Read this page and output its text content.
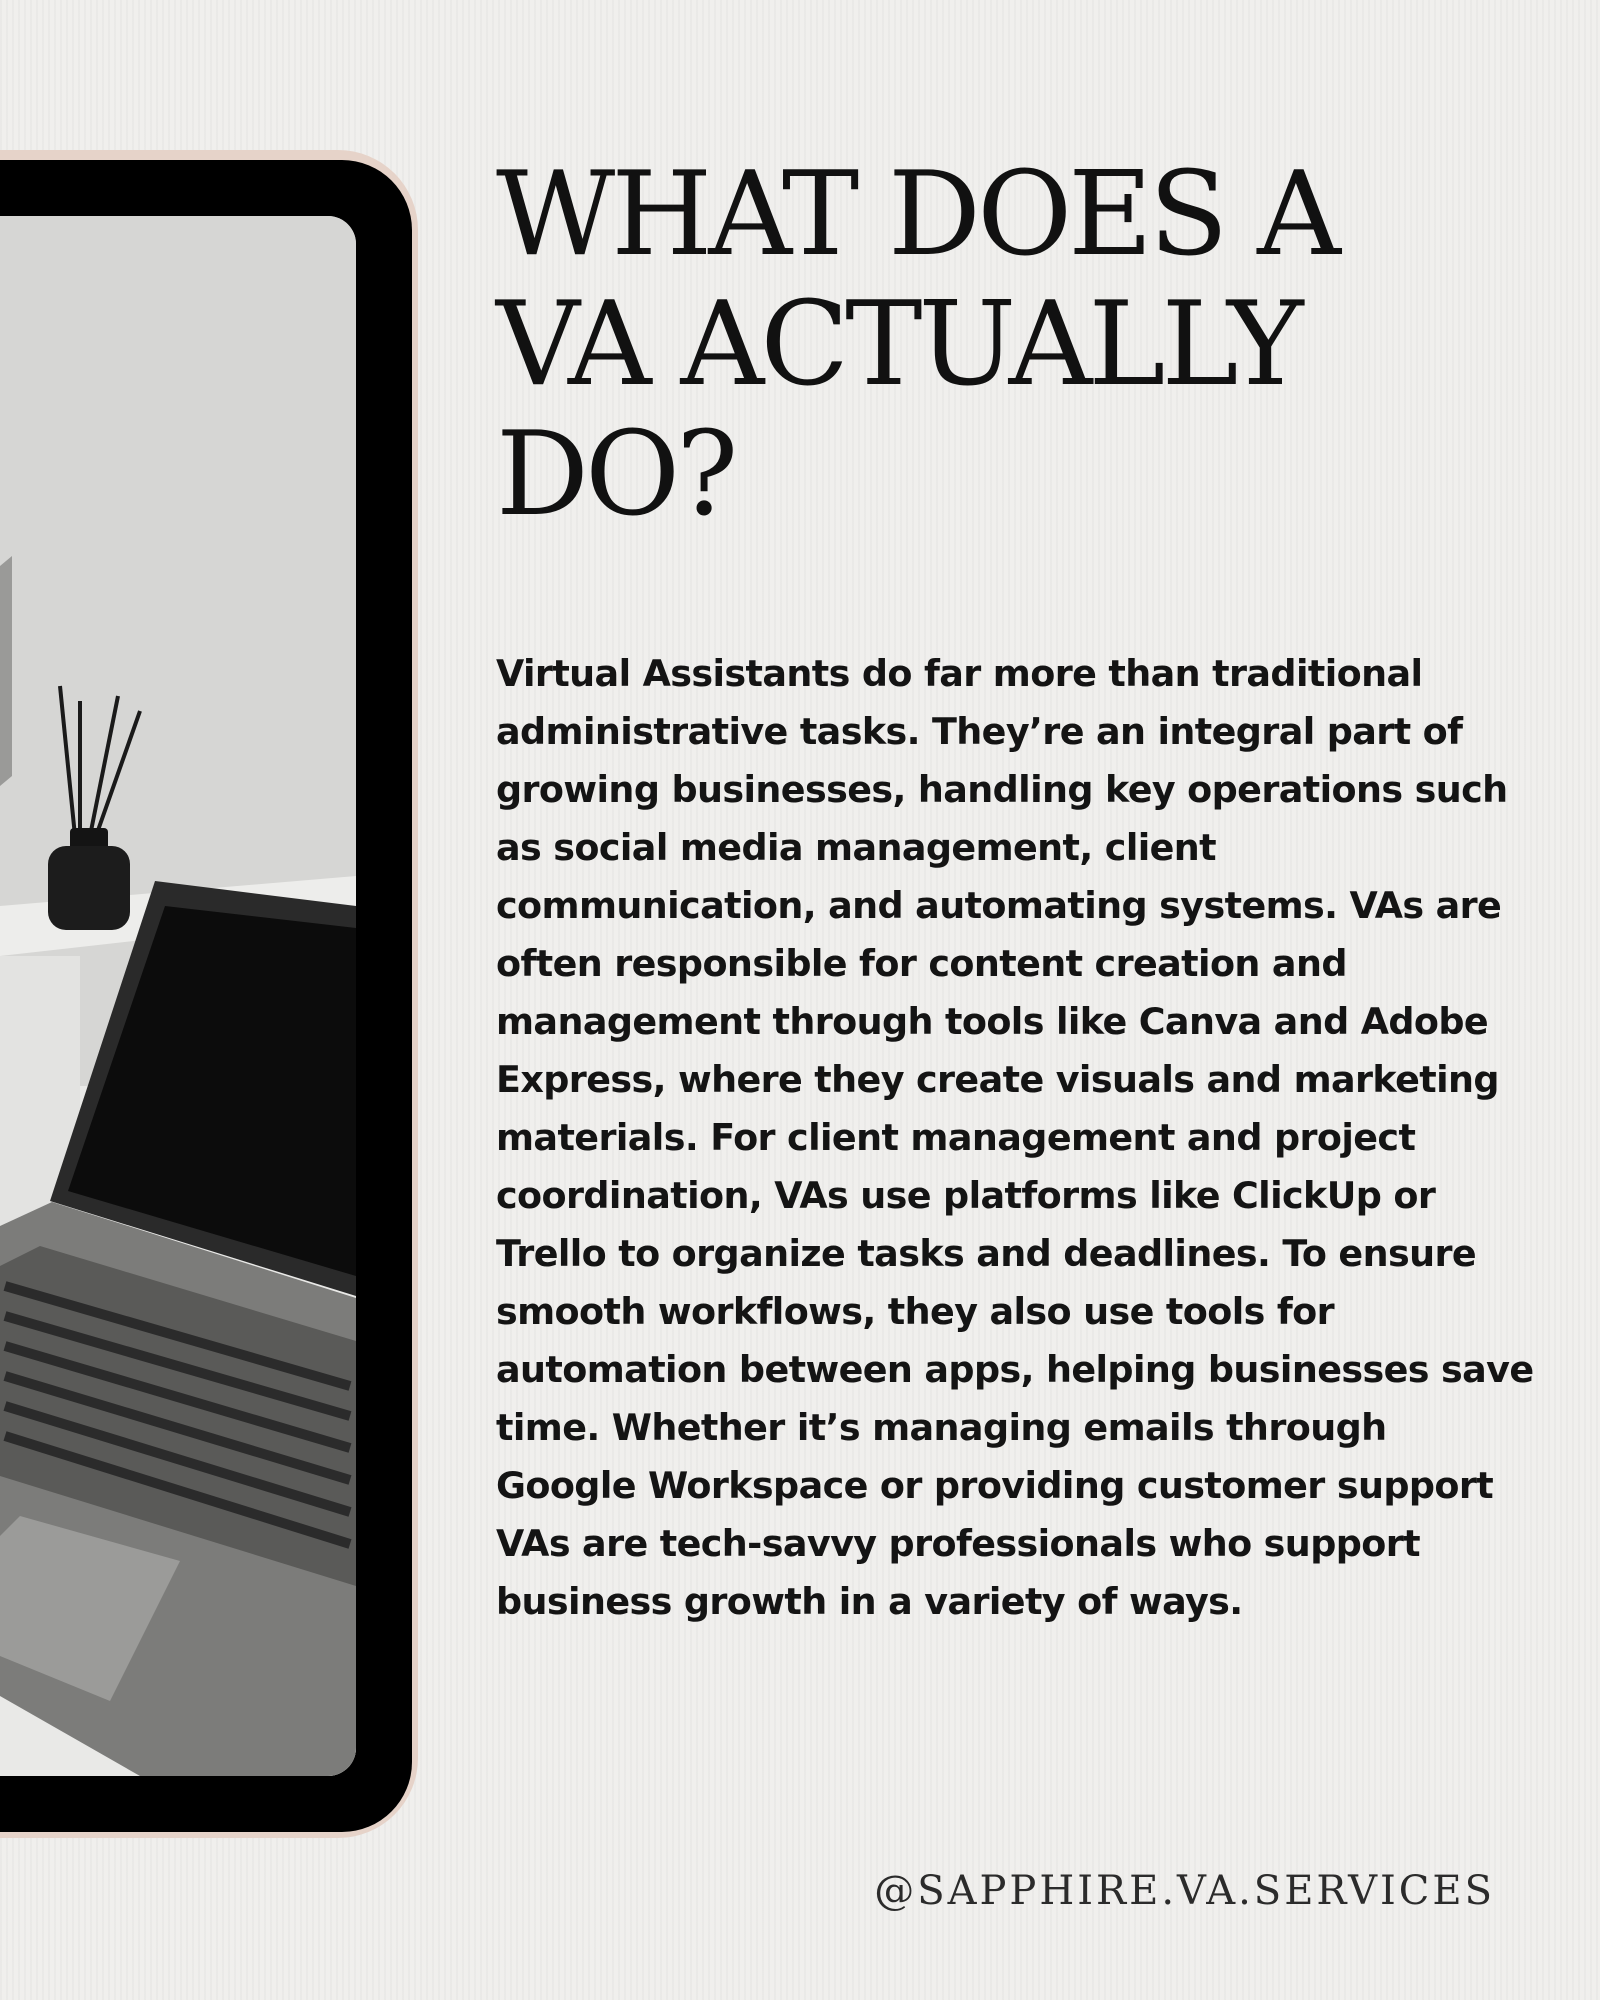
WHAT DOES A
VA ACTUALLY
DO?

Virtual Assistants do far more than traditional administrative tasks. They’re an integral part of growing businesses, handling key operations such as social media management, client communication, and automating systems. VAs are often responsible for content creation and management through tools like Canva and Adobe Express, where they create visuals and marketing materials. For client management and project coordination, VAs use platforms like ClickUp or Trello to organize tasks and deadlines. To ensure smooth workflows, they also use tools for automation between apps, helping businesses save time. Whether it’s managing emails through Google Workspace or providing customer support VAs are tech-savvy professionals who support business growth in a variety of ways.

@SAPPHIRE.VA.SERVICES
